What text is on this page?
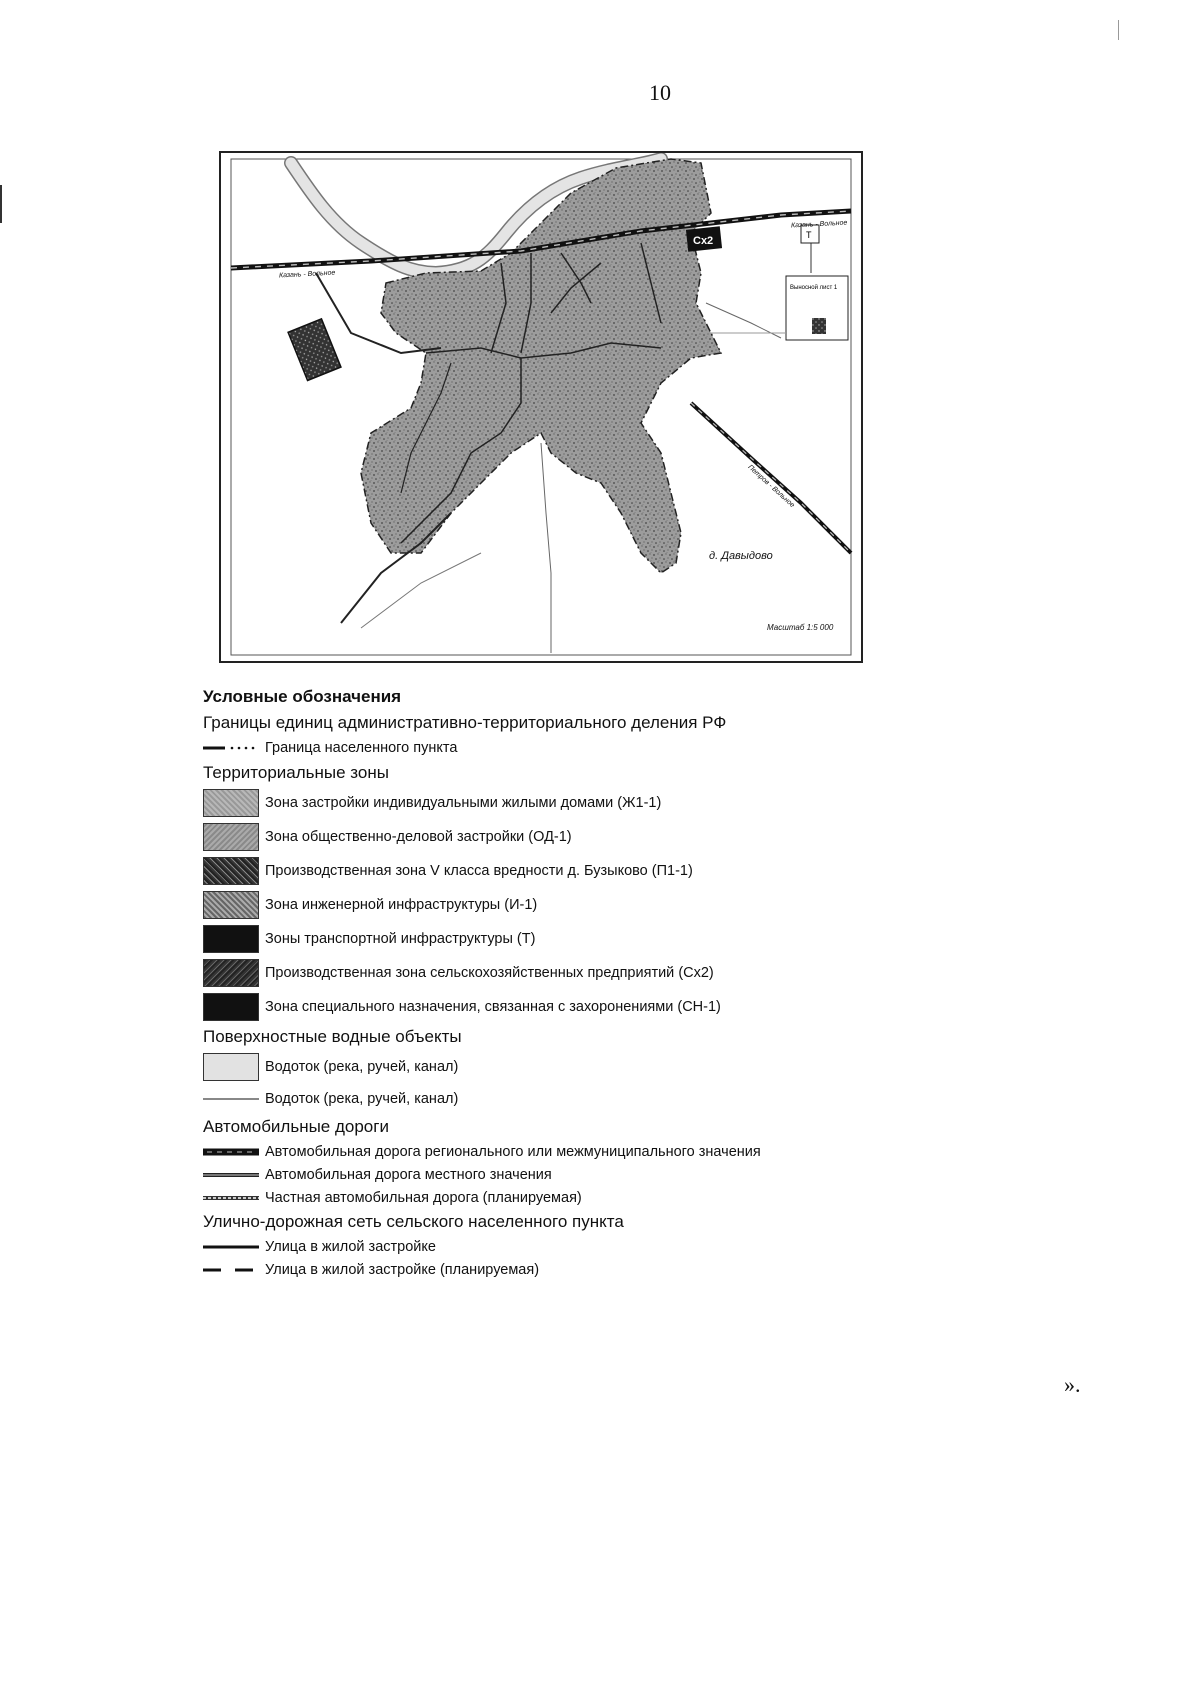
10
Сх2	Т
Выносной лист 1
Казань - Вольное
Казань - Вольное
Петров - Вольное
д. Давыдово
Масштаб 1:5 000
Условные обозначения
Границы единиц административно-территориального деления РФ
Граница населенного пункта
Территориальные зоны
Зона застройки индивидуальными жилыми домами (Ж1-1)
Зона общественно-деловой застройки (ОД-1)
Производственная зона V класса вредности д. Бузыково (П1-1)
Зона инженерной инфраструктуры (И-1)
Зоны транспортной инфраструктуры (Т)
Производственная зона сельскохозяйственных предприятий (Сх2)
Зона специального назначения, связанная с захоронениями (СН-1)
Поверхностные водные объекты
Водоток (река, ручей, канал)
Водоток (река, ручей, канал)
Автомобильные дороги
Автомобильная дорога регионального или межмуниципального значения
Автомобильная дорога местного значения
Частная автомобильная дорога (планируемая)
Улично-дорожная сеть сельского населенного пункта
Улица в жилой застройке
Улица в жилой застройке (планируемая)
».
